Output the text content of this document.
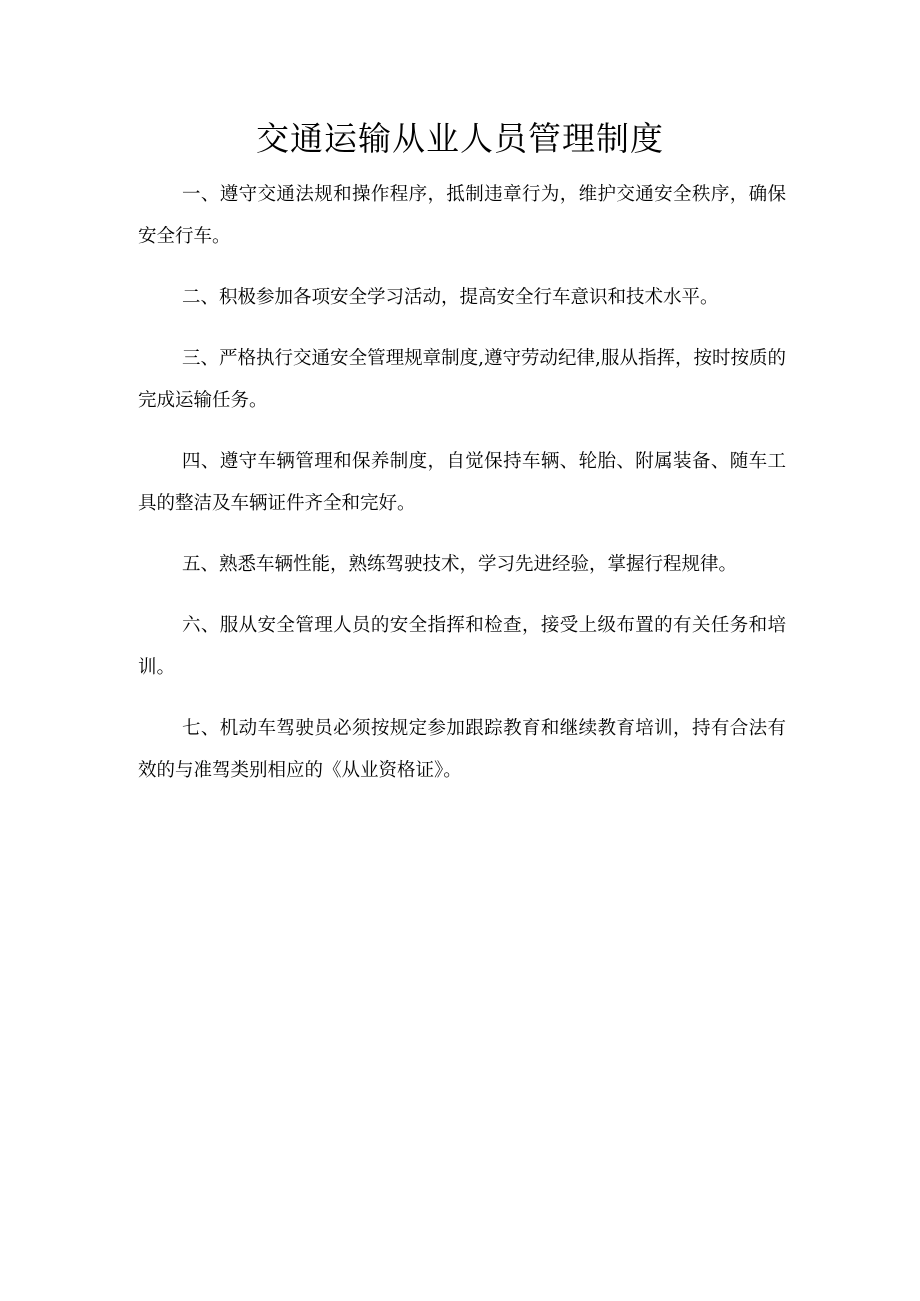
交通运输从业人员管理制度

一、遵守交通法规和操作程序，抵制违章行为，维护交通安全秩序，确保安全行车。

二、积极参加各项安全学习活动，提高安全行车意识和技术水平。

三、严格执行交通安全管理规章制度,遵守劳动纪律,服从指挥，按时按质的完成运输任务。

四、遵守车辆管理和保养制度，自觉保持车辆、轮胎、附属装备、随车工具的整洁及车辆证件齐全和完好。

五、熟悉车辆性能，熟练驾驶技术，学习先进经验，掌握行程规律。

六、服从安全管理人员的安全指挥和检查，接受上级布置的有关任务和培训。

七、机动车驾驶员必须按规定参加跟踪教育和继续教育培训，持有合法有效的与准驾类别相应的《从业资格证》。
